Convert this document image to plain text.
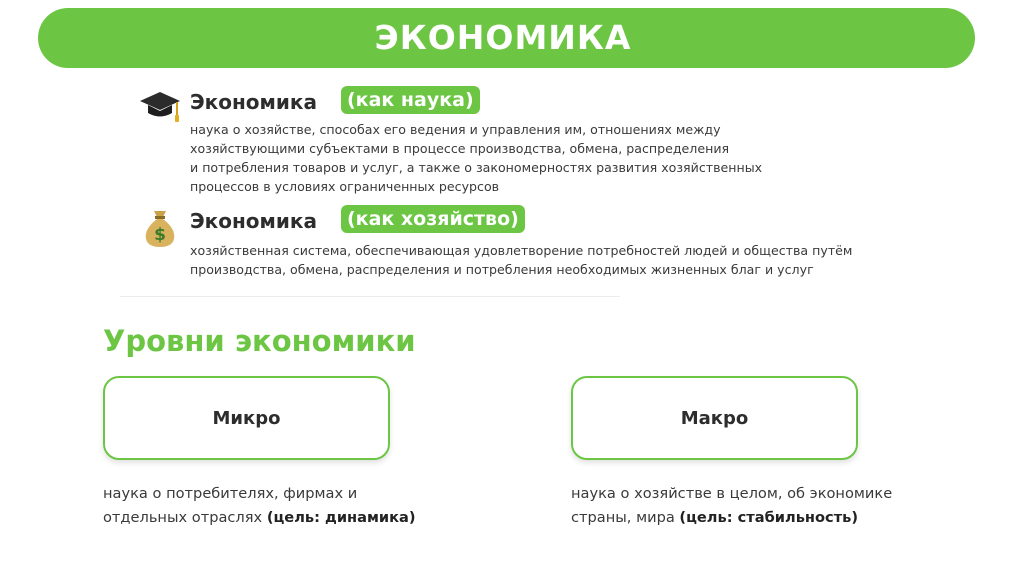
ЭКОНОМИКА
Экономика	(как наука)
наука о хозяйстве, способах его ведения и управления им, отношениях между
хозяйствующими субъектами в процессе производства, обмена, распределения
и потребления товаров и услуг, а также о закономерностях развития хозяйственных
процессов в условиях ограниченных ресурсов
$
Экономика	(как хозяйство)
хозяйственная система, обеспечивающая удовлетворение потребностей людей и общества путём
производства, обмена, распределения и потребления необходимых жизненных благ и услуг
Уровни экономики
Микро	Макро
наука о потребителях, фирмах и
отдельных отраслях (цель: динамика)
наука о хозяйстве в целом, об экономике
страны, мира (цель: стабильность)
